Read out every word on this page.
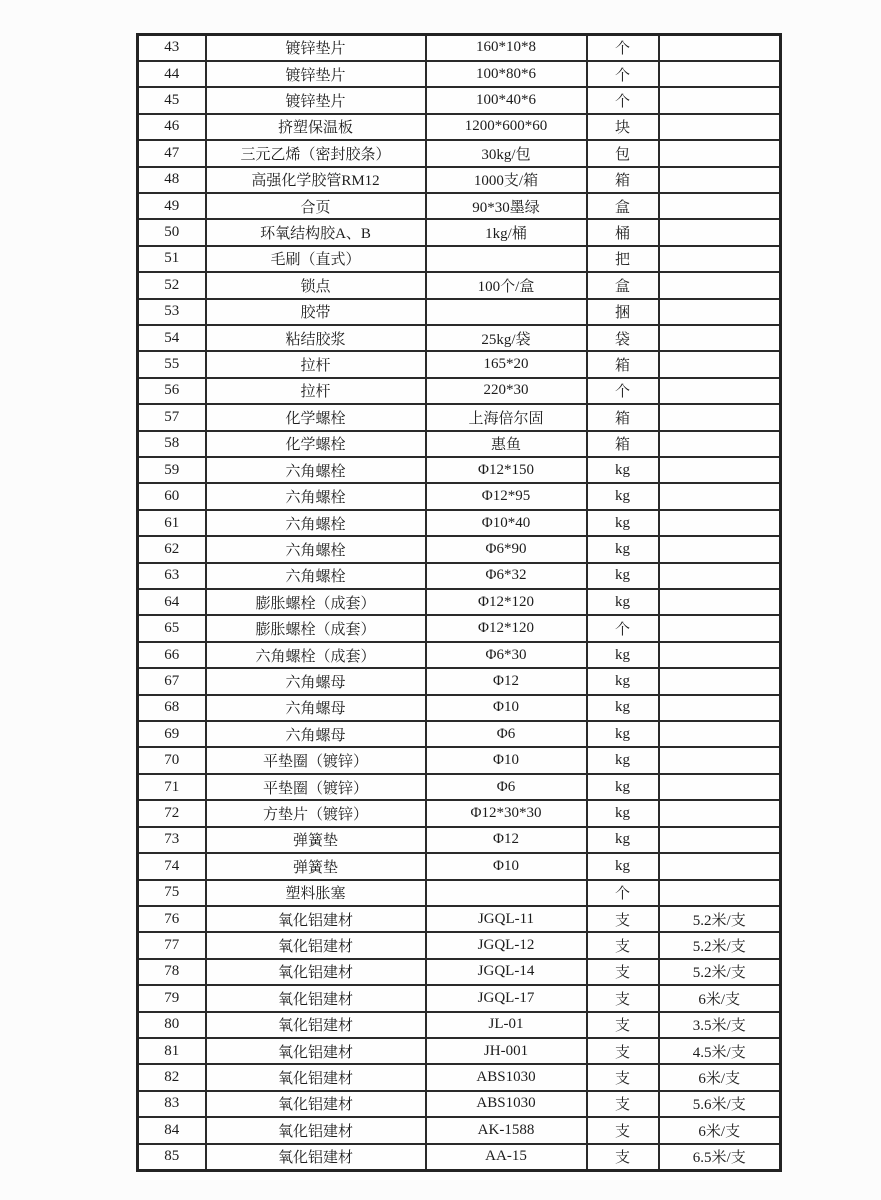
43	镀锌垫片	160*10*8	个	
44	镀锌垫片	100*80*6	个	
45	镀锌垫片	100*40*6	个	
46	挤塑保温板	1200*600*60	块	
47	三元乙烯（密封胶条）	30kg/包	包	
48	高强化学胶管RM12	1000支/箱	箱	
49	合页	90*30墨绿	盒	
50	环氧结构胶A、B	1kg/桶	桶	
51	毛刷（直式）		把	
52	锁点	100个/盒	盒	
53	胶带		捆	
54	粘结胶浆	25kg/袋	袋	
55	拉杆	165*20	箱	
56	拉杆	220*30	个	
57	化学螺栓	上海倍尔固	箱	
58	化学螺栓	惠鱼	箱	
59	六角螺栓	Φ12*150	kg	
60	六角螺栓	Φ12*95	kg	
61	六角螺栓	Φ10*40	kg	
62	六角螺栓	Φ6*90	kg	
63	六角螺栓	Φ6*32	kg	
64	膨胀螺栓（成套）	Φ12*120	kg	
65	膨胀螺栓（成套）	Φ12*120	个	
66	六角螺栓（成套）	Φ6*30	kg	
67	六角螺母	Φ12	kg	
68	六角螺母	Φ10	kg	
69	六角螺母	Φ6	kg	
70	平垫圈（镀锌）	Φ10	kg	
71	平垫圈（镀锌）	Φ6	kg	
72	方垫片（镀锌）	Φ12*30*30	kg	
73	弹簧垫	Φ12	kg	
74	弹簧垫	Φ10	kg	
75	塑料胀塞		个	
76	氧化铝建材	JGQL-11	支	5.2米/支
77	氧化铝建材	JGQL-12	支	5.2米/支
78	氧化铝建材	JGQL-14	支	5.2米/支
79	氧化铝建材	JGQL-17	支	6米/支
80	氧化铝建材	JL-01	支	3.5米/支
81	氧化铝建材	JH-001	支	4.5米/支
82	氧化铝建材	ABS1030	支	6米/支
83	氧化铝建材	ABS1030	支	5.6米/支
84	氧化铝建材	AK-1588	支	6米/支
85	氧化铝建材	AA-15	支	6.5米/支
